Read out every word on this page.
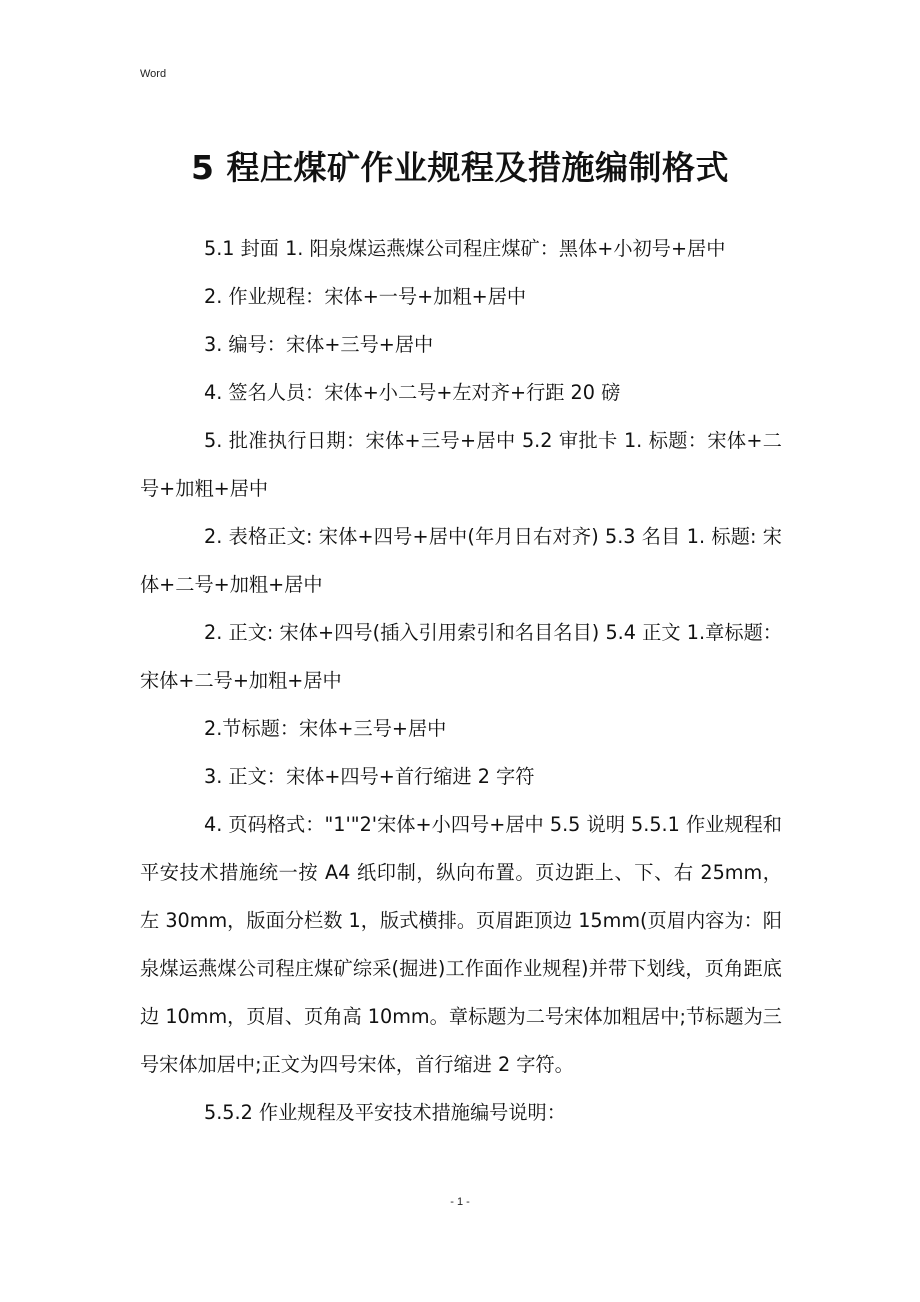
Word
5 程庄煤矿作业规程及措施编制格式

5.1 封面 1. 阳泉煤运燕煤公司程庄煤矿：黑体+小初号+居中

2. 作业规程：宋体+一号+加粗+居中

3. 编号：宋体+三号+居中

4. 签名人员：宋体+小二号+左对齐+行距 20 磅

5. 批准执行日期：宋体+三号+居中 5.2 审批卡 1. 标题：宋体+二号+加粗+居中

2. 表格正文: 宋体+四号+居中(年月日右对齐) 5.3 名目 1. 标题: 宋体+二号+加粗+居中

2. 正文: 宋体+四号(插入引用索引和名目名目) 5.4 正文 1.章标题：宋体+二号+加粗+居中

2.节标题：宋体+三号+居中

3. 正文：宋体+四号+首行缩进 2 字符

4. 页码格式："1'"2'宋体+小四号+居中 5.5 说明 5.5.1 作业规程和平安技术措施统一按 A4 纸印制，纵向布置。页边距上、下、右 25mm，左 30mm，版面分栏数 1，版式横排。页眉距顶边 15mm(页眉内容为：阳泉煤运燕煤公司程庄煤矿综采(掘进)工作面作业规程)并带下划线，页角距底边 10mm，页眉、页角高 10mm。章标题为二号宋体加粗居中;节标题为三号宋体加居中;正文为四号宋体，首行缩进 2 字符。

5.5.2 作业规程及平安技术措施编号说明：

- 1 -
